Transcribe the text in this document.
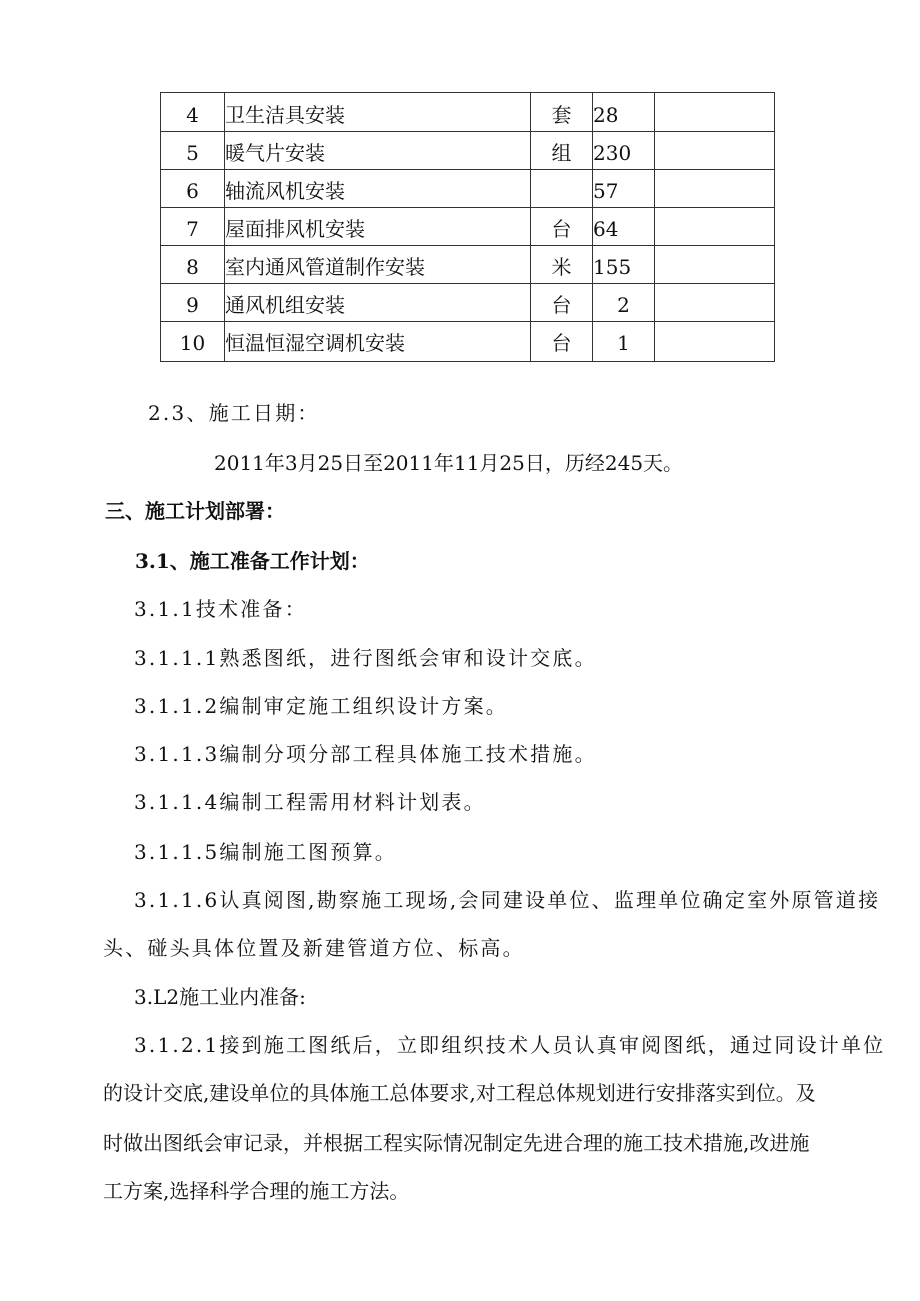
4	卫生洁具安装	套	28	
5	暖气片安装	组	230	
6	轴流风机安装		57	
7	屋面排风机安装	台	64	
8	室内通风管道制作安装	米	155	
9	通风机组安装	台	2	
10	恒温恒湿空调机安装	台	1	

2.3、施工日期：

2011年3月25日至2011年11月25日，历经245天。

三、施工计划部署：

3.1、施工准备工作计划：

3.1.1技术准备：

3.1.1.1熟悉图纸，进行图纸会审和设计交底。

3.1.1.2编制审定施工组织设计方案。

3.1.1.3编制分项分部工程具体施工技术措施。

3.1.1.4编制工程需用材料计划表。

3.1.1.5编制施工图预算。

3.1.1.6认真阅图,勘察施工现场,会同建设单位、监理单位确定室外原管道接

头、碰头具体位置及新建管道方位、标高。

3.L2施工业内准备:

3.1.2.1接到施工图纸后，立即组织技术人员认真审阅图纸，通过同设计单位

的设计交底,建设单位的具体施工总体要求,对工程总体规划进行安排落实到位。及

时做出图纸会审记录，并根据工程实际情况制定先进合理的施工技术措施,改进施

工方案,选择科学合理的施工方法。
